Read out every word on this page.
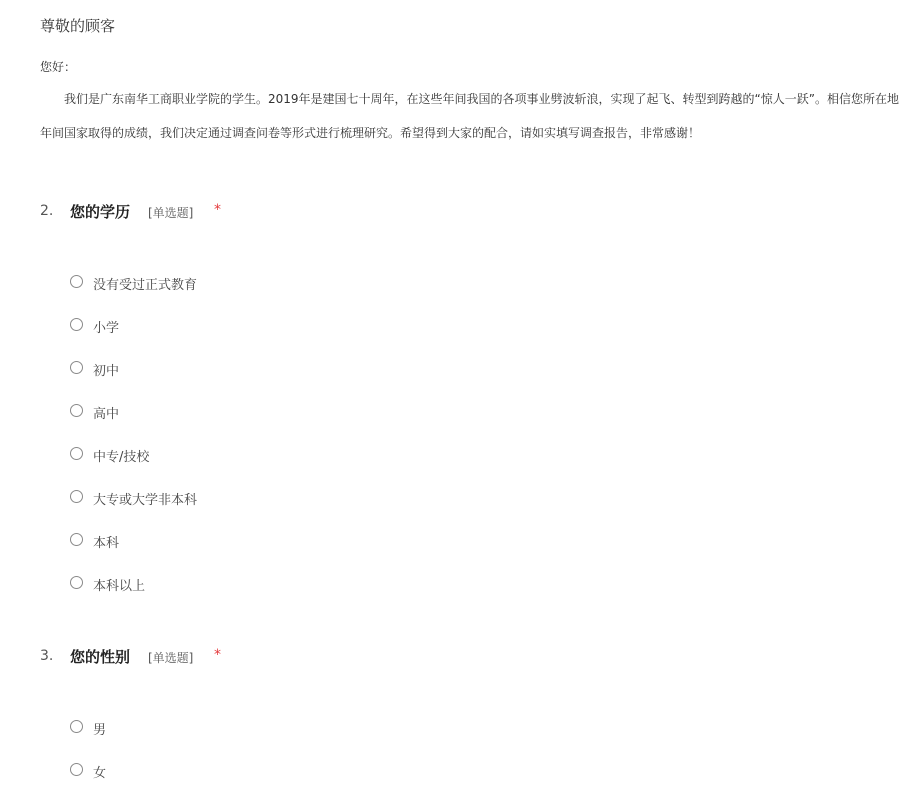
尊敬的顾客
您好：
我们是广东南华工商职业学院的学生。2019年是建国七十周年，在这些年间我国的各项事业劈波斩浪，实现了起飞、转型到跨越的“惊人一跃”。相信您所在地
年间国家取得的成绩，我们决定通过调查问卷等形式进行梳理研究。希望得到大家的配合，请如实填写调查报告，非常感谢！
2. 您的学历 [单选题] *
没有受过正式教育
小学
初中
高中
中专/技校
大专或大学非本科
本科
本科以上
3. 您的性别 [单选题] *
男
女
